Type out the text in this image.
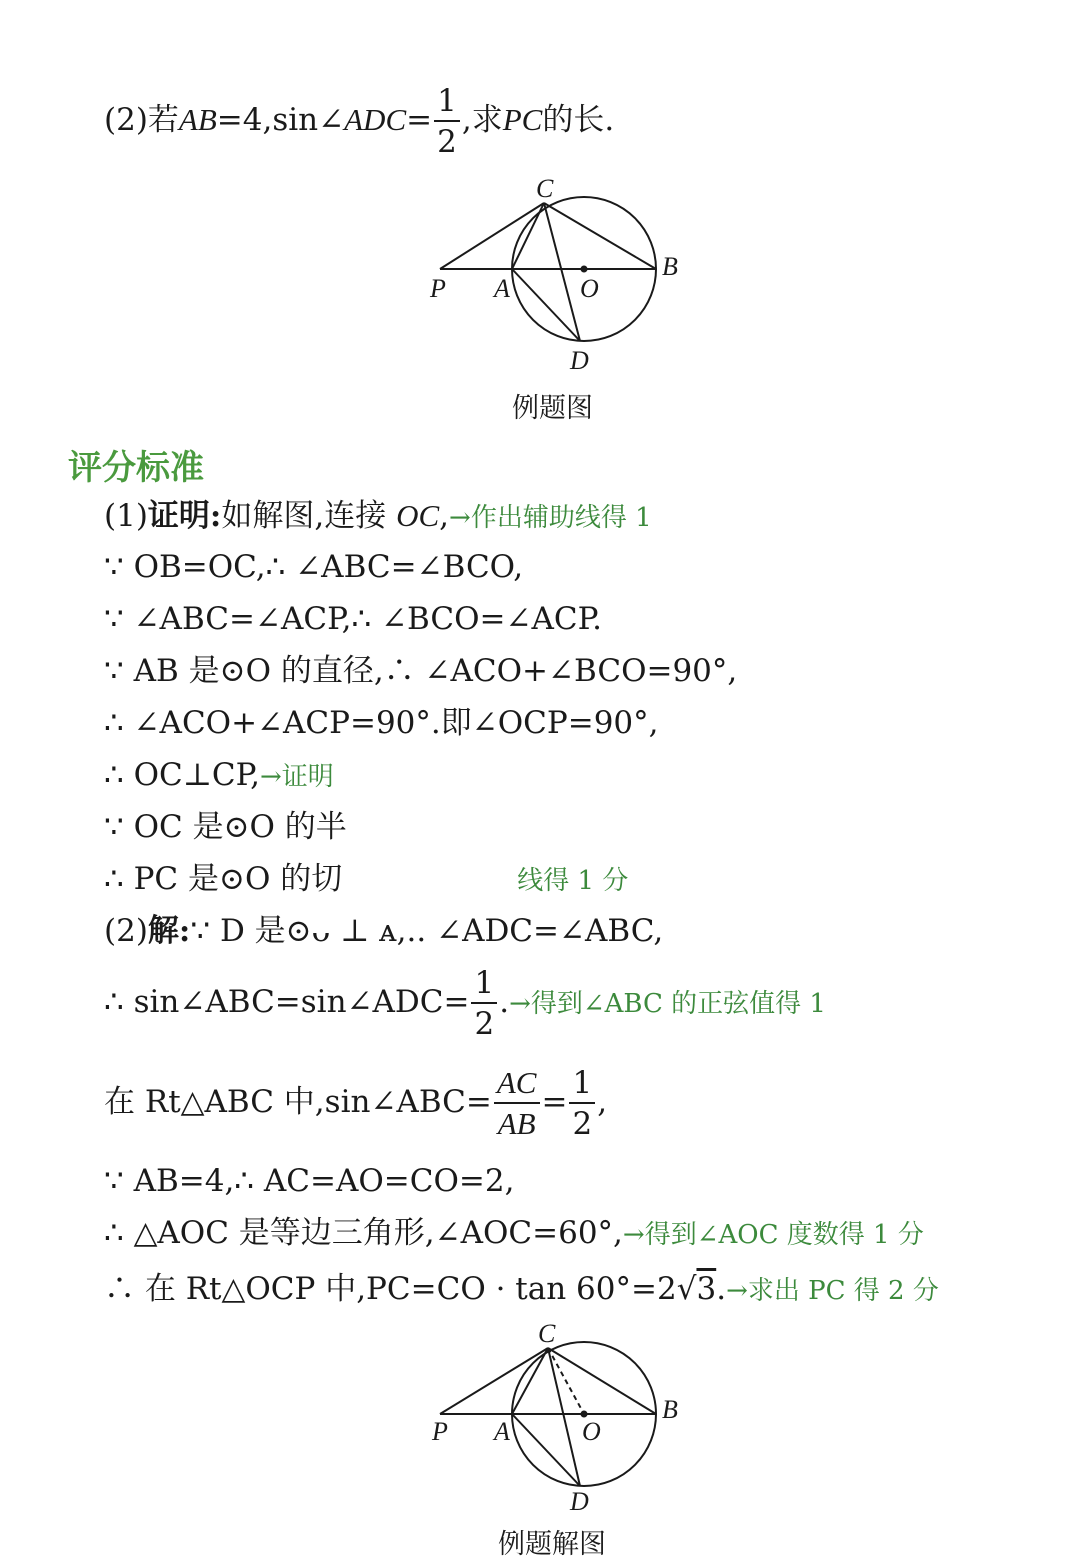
(2)若AB=4,sin∠ADC= $\frac{1}{2}$ ,求PC的长.
C
P A	O
B
D
例题图
评分标准
(1)证明:如解图,连接 OC,→作出辅助线得 1
∵ OB=OC,∴ ∠ABC=∠BCO,
∵ ∠ABC=∠ACP,∴ ∠BCO=∠ACP.
∵ AB 是⊙O 的直径,∴ ∠ACO+∠BCO=90°,
∴ ∠ACO+∠ACP=90°.即∠OCP=90°,
∴ OC⊥CP,→证明
∵ OC 是⊙O 的半
∴ PC 是⊙O 的切	线得 1 分
(2)解:∵ D 是⊙ᴗ ⊥ ᴀ,.. ∠ADC=∠ABC,
∴ sin∠ABC=sin∠ADC= $\frac{1}{2}$ .→得到∠ABC 的正弦值得 1
在 Rt△ABC 中,sin∠ABC= $\frac{AC}{AB} = \frac{1}{2}$ ,
∵ AB=4,∴ AC=AO=CO=2,
∴ △AOC 是等边三角形,∠AOC=60°,→得到∠AOC 度数得 1 分
∴ 在 Rt△OCP 中,PC=CO · tan 60°=2√3.→求出 PC 得 2 分
C
P A	O
B
D
例题解图
